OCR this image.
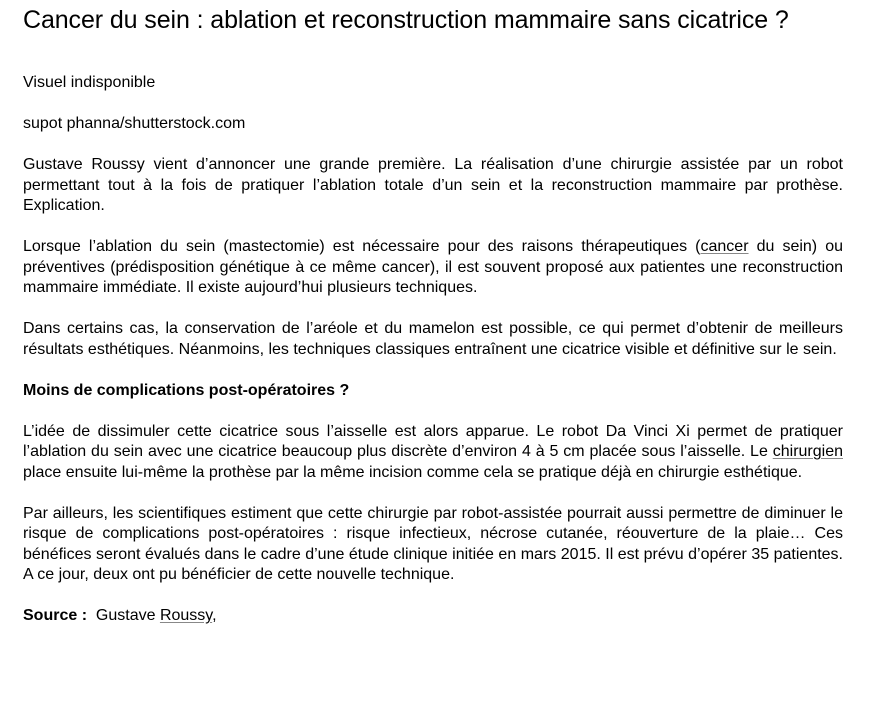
Cancer du sein : ablation et reconstruction mammaire sans cicatrice ?

Visuel indisponible

supot phanna/shutterstock.com

Gustave Roussy vient d’annoncer une grande première. La réalisation d’une chirurgie assistée par un robot permettant tout à la fois de pratiquer l’ablation totale d’un sein et la reconstruction mammaire par prothèse. Explication.

Lorsque l’ablation du sein (mastectomie) est nécessaire pour des raisons thérapeutiques (cancer du sein) ou préventives (prédisposition génétique à ce même cancer), il est souvent proposé aux patientes une reconstruction mammaire immédiate. Il existe aujourd’hui plusieurs techniques.

Dans certains cas, la conservation de l’aréole et du mamelon est possible, ce qui permet d’obtenir de meilleurs résultats esthétiques. Néanmoins, les techniques classiques entraînent une cicatrice visible et définitive sur le sein.

Moins de complications post-opératoires ?

L’idée de dissimuler cette cicatrice sous l’aisselle est alors apparue. Le robot Da Vinci Xi permet de pratiquer l’ablation du sein avec une cicatrice beaucoup plus discrète d’environ 4 à 5 cm placée sous l’aisselle. Le chirurgien place ensuite lui-même la prothèse par la même incision comme cela se pratique déjà en chirurgie esthétique.

Par ailleurs, les scientifiques estiment que cette chirurgie par robot-assistée pourrait aussi permettre de diminuer le risque de complications post-opératoires : risque infectieux, nécrose cutanée, réouverture de la plaie… Ces bénéfices seront évalués dans le cadre d’une étude clinique initiée en mars 2015. Il est prévu d’opérer 35 patientes. A ce jour, deux ont pu bénéficier de cette nouvelle technique.

Source :  Gustave Roussy,
